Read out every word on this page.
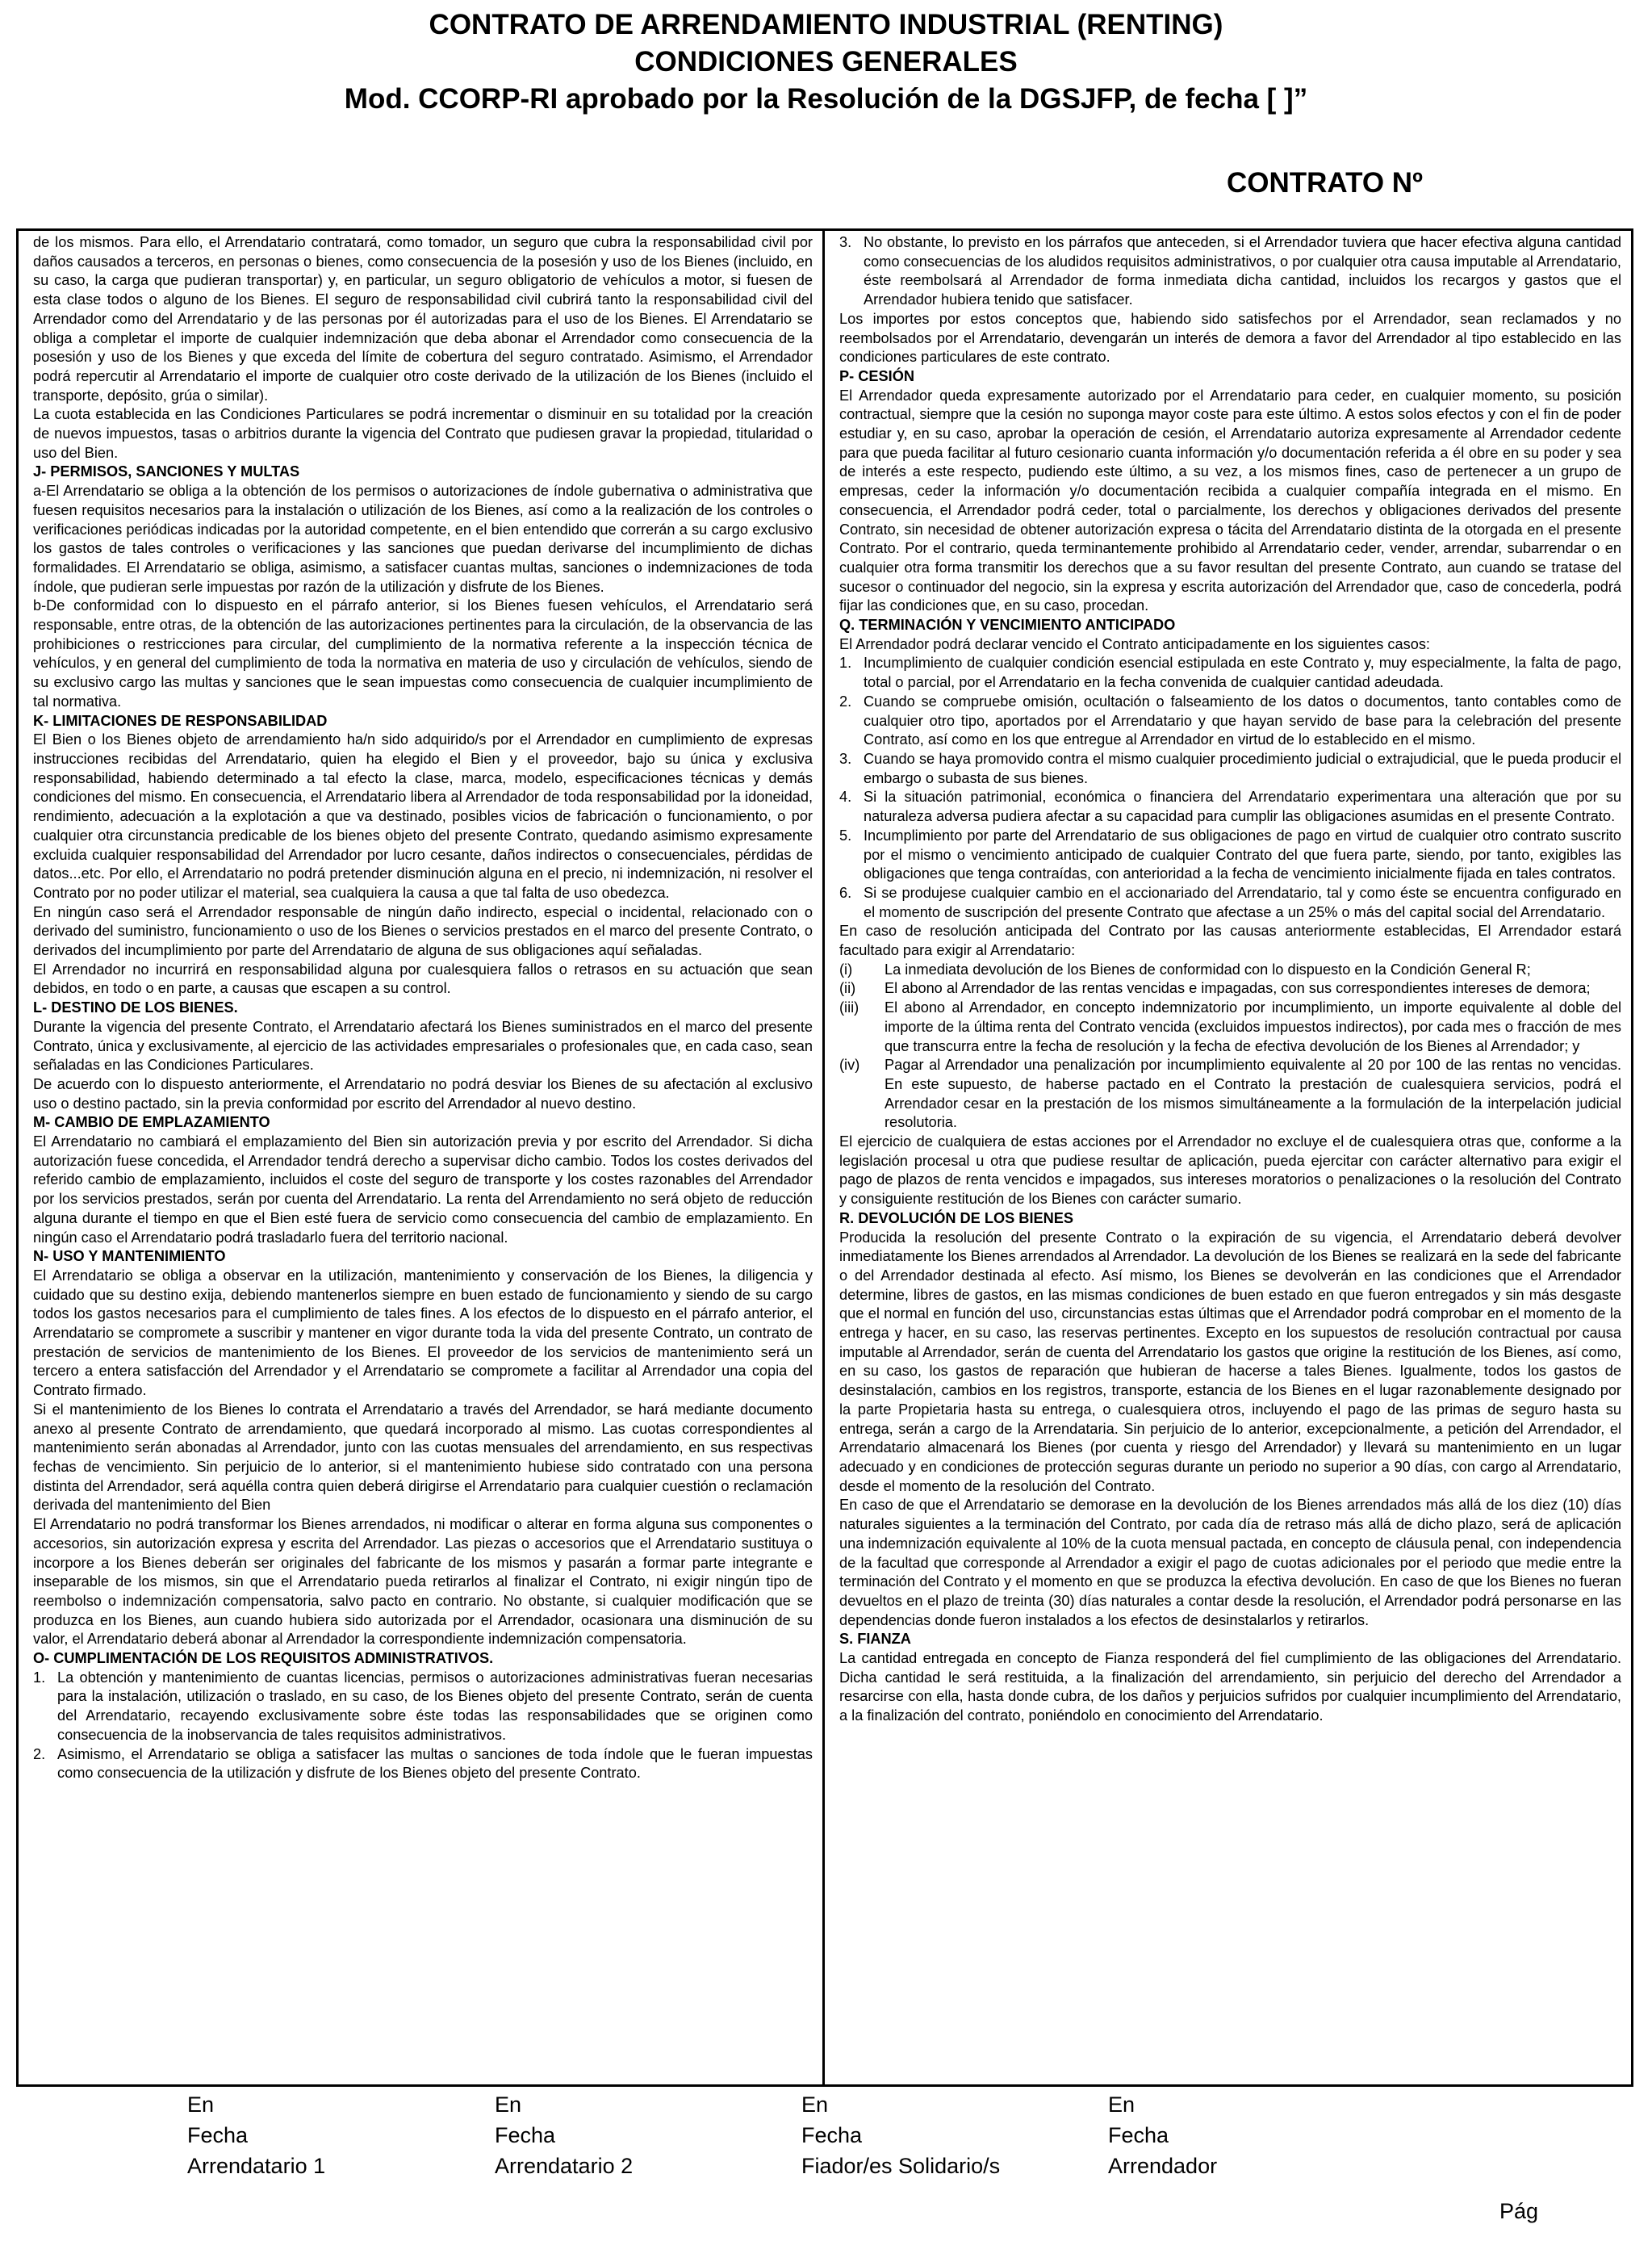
CONTRATO DE ARRENDAMIENTO INDUSTRIAL (RENTING)
CONDICIONES GENERALES
Mod. CCORP-RI aprobado por la Resolución de la DGSJFP, de fecha [ ]”
CONTRATO Nº

de los mismos. Para ello, el Arrendatario contratará, como tomador, un seguro que cubra la responsabilidad civil por daños causados a terceros, en personas o bienes, como consecuencia de la posesión y uso de los Bienes (incluido, en su caso, la carga que pudieran transportar) y, en particular, un seguro obligatorio de vehículos a motor, si fuesen de esta clase todos o alguno de los Bienes. El seguro de responsabilidad civil cubrirá tanto la responsabilidad civil del Arrendador como del Arrendatario y de las personas por él autorizadas para el uso de los Bienes. El Arrendatario se obliga a completar el importe de cualquier indemnización que deba abonar el Arrendador como consecuencia de la posesión y uso de los Bienes y que exceda del límite de cobertura del seguro contratado. Asimismo, el Arrendador podrá repercutir al Arrendatario el importe de cualquier otro coste derivado de la utilización de los Bienes (incluido el transporte, depósito, grúa o similar).

La cuota establecida en las Condiciones Particulares se podrá incrementar o disminuir en su totalidad por la creación de nuevos impuestos, tasas o arbitrios durante la vigencia del Contrato que pudiesen gravar la propiedad, titularidad o uso del Bien.

J- PERMISOS, SANCIONES Y MULTAS

a-El Arrendatario se obliga a la obtención de los permisos o autorizaciones de índole gubernativa o administrativa que fuesen requisitos necesarios para la instalación o utilización de los Bienes, así como a la realización de los controles o verificaciones periódicas indicadas por la autoridad competente, en el bien entendido que correrán a su cargo exclusivo los gastos de tales controles o verificaciones y las sanciones que puedan derivarse del incumplimiento de dichas formalidades. El Arrendatario se obliga, asimismo, a satisfacer cuantas multas, sanciones o indemnizaciones de toda índole, que pudieran serle impuestas por razón de la utilización y disfrute de los Bienes.

b-De conformidad con lo dispuesto en el párrafo anterior, si los Bienes fuesen vehículos, el Arrendatario será responsable, entre otras, de la obtención de las autorizaciones pertinentes para la circulación, de la observancia de las prohibiciones o restricciones para circular, del cumplimiento de la normativa referente a la inspección técnica de vehículos, y en general del cumplimiento de toda la normativa en materia de uso y circulación de vehículos, siendo de su exclusivo cargo las multas y sanciones que le sean impuestas como consecuencia de cualquier incumplimiento de tal normativa.

K- LIMITACIONES DE RESPONSABILIDAD

El Bien o los Bienes objeto de arrendamiento ha/n sido adquirido/s por el Arrendador en cumplimiento de expresas instrucciones recibidas del Arrendatario, quien ha elegido el Bien y el proveedor, bajo su única y exclusiva responsabilidad, habiendo determinado a tal efecto la clase, marca, modelo, especificaciones técnicas y demás condiciones del mismo. En consecuencia, el Arrendatario libera al Arrendador de toda responsabilidad por la idoneidad, rendimiento, adecuación a la explotación a que va destinado, posibles vicios de fabricación o funcionamiento, o por cualquier otra circunstancia predicable de los bienes objeto del presente Contrato, quedando asimismo expresamente excluida cualquier responsabilidad del Arrendador por lucro cesante, daños indirectos o consecuenciales, pérdidas de datos...etc. Por ello, el Arrendatario no podrá pretender disminución alguna en el precio, ni indemnización, ni resolver el Contrato por no poder utilizar el material, sea cualquiera la causa a que tal falta de uso obedezca.

En ningún caso será el Arrendador responsable de ningún daño indirecto, especial o incidental, relacionado con o derivado del suministro, funcionamiento o uso de los Bienes o servicios prestados en el marco del presente Contrato, o derivados del incumplimiento por parte del Arrendatario de alguna de sus obligaciones aquí señaladas.

El Arrendador no incurrirá en responsabilidad alguna por cualesquiera fallos o retrasos en su actuación que sean debidos, en todo o en parte, a causas que escapen a su control.

L- DESTINO DE LOS BIENES.

Durante la vigencia del presente Contrato, el Arrendatario afectará los Bienes suministrados en el marco del presente Contrato, única y exclusivamente, al ejercicio de las actividades empresariales o profesionales que, en cada caso, sean señaladas en las Condiciones Particulares.

De acuerdo con lo dispuesto anteriormente, el Arrendatario no podrá desviar los Bienes de su afectación al exclusivo uso o destino pactado, sin la previa conformidad por escrito del Arrendador al nuevo destino.

M- CAMBIO DE EMPLAZAMIENTO

El Arrendatario no cambiará el emplazamiento del Bien sin autorización previa y por escrito del Arrendador. Si dicha autorización fuese concedida, el Arrendador tendrá derecho a supervisar dicho cambio. Todos los costes derivados del referido cambio de emplazamiento, incluidos el coste del seguro de transporte y los costes razonables del Arrendador por los servicios prestados, serán por cuenta del Arrendatario. La renta del Arrendamiento no será objeto de reducción alguna durante el tiempo en que el Bien esté fuera de servicio como consecuencia del cambio de emplazamiento. En ningún caso el Arrendatario podrá trasladarlo fuera del territorio nacional.

N- USO Y MANTENIMIENTO

El Arrendatario se obliga a observar en la utilización, mantenimiento y conservación de los Bienes, la diligencia y cuidado que su destino exija, debiendo mantenerlos siempre en buen estado de funcionamiento y siendo de su cargo todos los gastos necesarios para el cumplimiento de tales fines. A los efectos de lo dispuesto en el párrafo anterior, el Arrendatario se compromete a suscribir y mantener en vigor durante toda la vida del presente Contrato, un contrato de prestación de servicios de mantenimiento de los Bienes. El proveedor de los servicios de mantenimiento será un tercero a entera satisfacción del Arrendador y el Arrendatario se compromete a facilitar al Arrendador una copia del Contrato firmado.

Si el mantenimiento de los Bienes lo contrata el Arrendatario a través del Arrendador, se hará mediante documento anexo al presente Contrato de arrendamiento, que quedará incorporado al mismo. Las cuotas correspondientes al mantenimiento serán abonadas al Arrendador, junto con las cuotas mensuales del arrendamiento, en sus respectivas fechas de vencimiento. Sin perjuicio de lo anterior, si el mantenimiento hubiese sido contratado con una persona distinta del Arrendador, será aquélla contra quien deberá dirigirse el Arrendatario para cualquier cuestión o reclamación derivada del mantenimiento del Bien

El Arrendatario no podrá transformar los Bienes arrendados, ni modificar o alterar en forma alguna sus componentes o accesorios, sin autorización expresa y escrita del Arrendador. Las piezas o accesorios que el Arrendatario sustituya o incorpore a los Bienes deberán ser originales del fabricante de los mismos y pasarán a formar parte integrante e inseparable de los mismos, sin que el Arrendatario pueda retirarlos al finalizar el Contrato, ni exigir ningún tipo de reembolso o indemnización compensatoria, salvo pacto en contrario. No obstante, si cualquier modificación que se produzca en los Bienes, aun cuando hubiera sido autorizada por el Arrendador, ocasionara una disminución de su valor, el Arrendatario deberá abonar al Arrendador la correspondiente indemnización compensatoria.

O- CUMPLIMENTACIÓN DE LOS REQUISITOS ADMINISTRATIVOS.

1. La obtención y mantenimiento de cuantas licencias, permisos o autorizaciones administrativas fueran necesarias para la instalación, utilización o traslado, en su caso, de los Bienes objeto del presente Contrato, serán de cuenta del Arrendatario, recayendo exclusivamente sobre éste todas las responsabilidades que se originen como consecuencia de la inobservancia de tales requisitos administrativos.
2. Asimismo, el Arrendatario se obliga a satisfacer las multas o sanciones de toda índole que le fueran impuestas como consecuencia de la utilización y disfrute de los Bienes objeto del presente Contrato.
3. No obstante, lo previsto en los párrafos que anteceden, si el Arrendador tuviera que hacer efectiva alguna cantidad como consecuencias de los aludidos requisitos administrativos, o por cualquier otra causa imputable al Arrendatario, éste reembolsará al Arrendador de forma inmediata dicha cantidad, incluidos los recargos y gastos que el Arrendador hubiera tenido que satisfacer.

Los importes por estos conceptos que, habiendo sido satisfechos por el Arrendador, sean reclamados y no reembolsados por el Arrendatario, devengarán un interés de demora a favor del Arrendador al tipo establecido en las condiciones particulares de este contrato.

P- CESIÓN

El Arrendador queda expresamente autorizado por el Arrendatario para ceder, en cualquier momento, su posición contractual, siempre que la cesión no suponga mayor coste para este último. A estos solos efectos y con el fin de poder estudiar y, en su caso, aprobar la operación de cesión, el Arrendatario autoriza expresamente al Arrendador cedente para que pueda facilitar al futuro cesionario cuanta información y/o documentación referida a él obre en su poder y sea de interés a este respecto, pudiendo este último, a su vez, a los mismos fines, caso de pertenecer a un grupo de empresas, ceder la información y/o documentación recibida a cualquier compañía integrada en el mismo. En consecuencia, el Arrendador podrá ceder, total o parcialmente, los derechos y obligaciones derivados del presente Contrato, sin necesidad de obtener autorización expresa o tácita del Arrendatario distinta de la otorgada en el presente Contrato. Por el contrario, queda terminantemente prohibido al Arrendatario ceder, vender, arrendar, subarrendar o en cualquier otra forma transmitir los derechos que a su favor resultan del presente Contrato, aun cuando se tratase del sucesor o continuador del negocio, sin la expresa y escrita autorización del Arrendador que, caso de concederla, podrá fijar las condiciones que, en su caso, procedan.

Q. TERMINACIÓN Y VENCIMIENTO ANTICIPADO

El Arrendador podrá declarar vencido el Contrato anticipadamente en los siguientes casos:

1. Incumplimiento de cualquier condición esencial estipulada en este Contrato y, muy especialmente, la falta de pago, total o parcial, por el Arrendatario en la fecha convenida de cualquier cantidad adeudada.
2. Cuando se compruebe omisión, ocultación o falseamiento de los datos o documentos, tanto contables como de cualquier otro tipo, aportados por el Arrendatario y que hayan servido de base para la celebración del presente Contrato, así como en los que entregue al Arrendador en virtud de lo establecido en el mismo.
3. Cuando se haya promovido contra el mismo cualquier procedimiento judicial o extrajudicial, que le pueda producir el embargo o subasta de sus bienes.
4. Si la situación patrimonial, económica o financiera del Arrendatario experimentara una alteración que por su naturaleza adversa pudiera afectar a su capacidad para cumplir las obligaciones asumidas en el presente Contrato.
5. Incumplimiento por parte del Arrendatario de sus obligaciones de pago en virtud de cualquier otro contrato suscrito por el mismo o vencimiento anticipado de cualquier Contrato del que fuera parte, siendo, por tanto, exigibles las obligaciones que tenga contraídas, con anterioridad a la fecha de vencimiento inicialmente fijada en tales contratos.
6. Si se produjese cualquier cambio en el accionariado del Arrendatario, tal y como éste se encuentra configurado en el momento de suscripción del presente Contrato que afectase a un 25% o más del capital social del Arrendatario.

En caso de resolución anticipada del Contrato por las causas anteriormente establecidas, El Arrendador estará facultado para exigir al Arrendatario:

(i)	La inmediata devolución de los Bienes de conformidad con lo dispuesto en la Condición General R;
(ii)	El abono al Arrendador de las rentas vencidas e impagadas, con sus correspondientes intereses de demora;
(iii)	El abono al Arrendador, en concepto indemnizatorio por incumplimiento, un importe equivalente al doble del importe de la última renta del Contrato vencida (excluidos impuestos indirectos), por cada mes o fracción de mes que transcurra entre la fecha de resolución y la fecha de efectiva devolución de los Bienes al Arrendador; y
(iv)	Pagar al Arrendador una penalización por incumplimiento equivalente al 20 por 100 de las rentas no vencidas. En este supuesto, de haberse pactado en el Contrato la prestación de cualesquiera servicios, podrá el Arrendador cesar en la prestación de los mismos simultáneamente a la formulación de la interpelación judicial resolutoria.

El ejercicio de cualquiera de estas acciones por el Arrendador no excluye el de cualesquiera otras que, conforme a la legislación procesal u otra que pudiese resultar de aplicación, pueda ejercitar con carácter alternativo para exigir el pago de plazos de renta vencidos e impagados, sus intereses moratorios o penalizaciones o la resolución del Contrato y consiguiente restitución de los Bienes con carácter sumario.

R. DEVOLUCIÓN DE LOS BIENES

Producida la resolución del presente Contrato o la expiración de su vigencia, el Arrendatario deberá devolver inmediatamente los Bienes arrendados al Arrendador. La devolución de los Bienes se realizará en la sede del fabricante o del Arrendador destinada al efecto. Así mismo, los Bienes se devolverán en las condiciones que el Arrendador determine, libres de gastos, en las mismas condiciones de buen estado en que fueron entregados y sin más desgaste que el normal en función del uso, circunstancias estas últimas que el Arrendador podrá comprobar en el momento de la entrega y hacer, en su caso, las reservas pertinentes. Excepto en los supuestos de resolución contractual por causa imputable al Arrendador, serán de cuenta del Arrendatario los gastos que origine la restitución de los Bienes, así como, en su caso, los gastos de reparación que hubieran de hacerse a tales Bienes. Igualmente, todos los gastos de desinstalación, cambios en los registros, transporte, estancia de los Bienes en el lugar razonablemente designado por la parte Propietaria hasta su entrega, o cualesquiera otros, incluyendo el pago de las primas de seguro hasta su entrega, serán a cargo de la Arrendataria. Sin perjuicio de lo anterior, excepcionalmente, a petición del Arrendador, el Arrendatario almacenará los Bienes (por cuenta y riesgo del Arrendador) y llevará su mantenimiento en un lugar adecuado y en condiciones de protección seguras durante un periodo no superior a 90 días, con cargo al Arrendatario, desde el momento de la resolución del Contrato.

En caso de que el Arrendatario se demorase en la devolución de los Bienes arrendados más allá de los diez (10) días naturales siguientes a la terminación del Contrato, por cada día de retraso más allá de dicho plazo, será de aplicación una indemnización equivalente al 10% de la cuota mensual pactada, en concepto de cláusula penal, con independencia de la facultad que corresponde al Arrendador a exigir el pago de cuotas adicionales por el periodo que medie entre la terminación del Contrato y el momento en que se produzca la efectiva devolución. En caso de que los Bienes no fueran devueltos en el plazo de treinta (30) días naturales a contar desde la resolución, el Arrendador podrá personarse en las dependencias donde fueron instalados a los efectos de desinstalarlos y retirarlos.

S. FIANZA

La cantidad entregada en concepto de Fianza responderá del fiel cumplimiento de las obligaciones del Arrendatario. Dicha cantidad le será restituida, a la finalización del arrendamiento, sin perjuicio del derecho del Arrendador a resarcirse con ella, hasta donde cubra, de los daños y perjuicios sufridos por cualquier incumplimiento del Arrendatario, a la finalización del contrato, poniéndolo en conocimiento del Arrendatario.

En
Fecha
Arrendatario 1
En
Fecha
Arrendatario 2
En
Fecha
Fiador/es Solidario/s
En
Fecha
Arrendador
Pág
